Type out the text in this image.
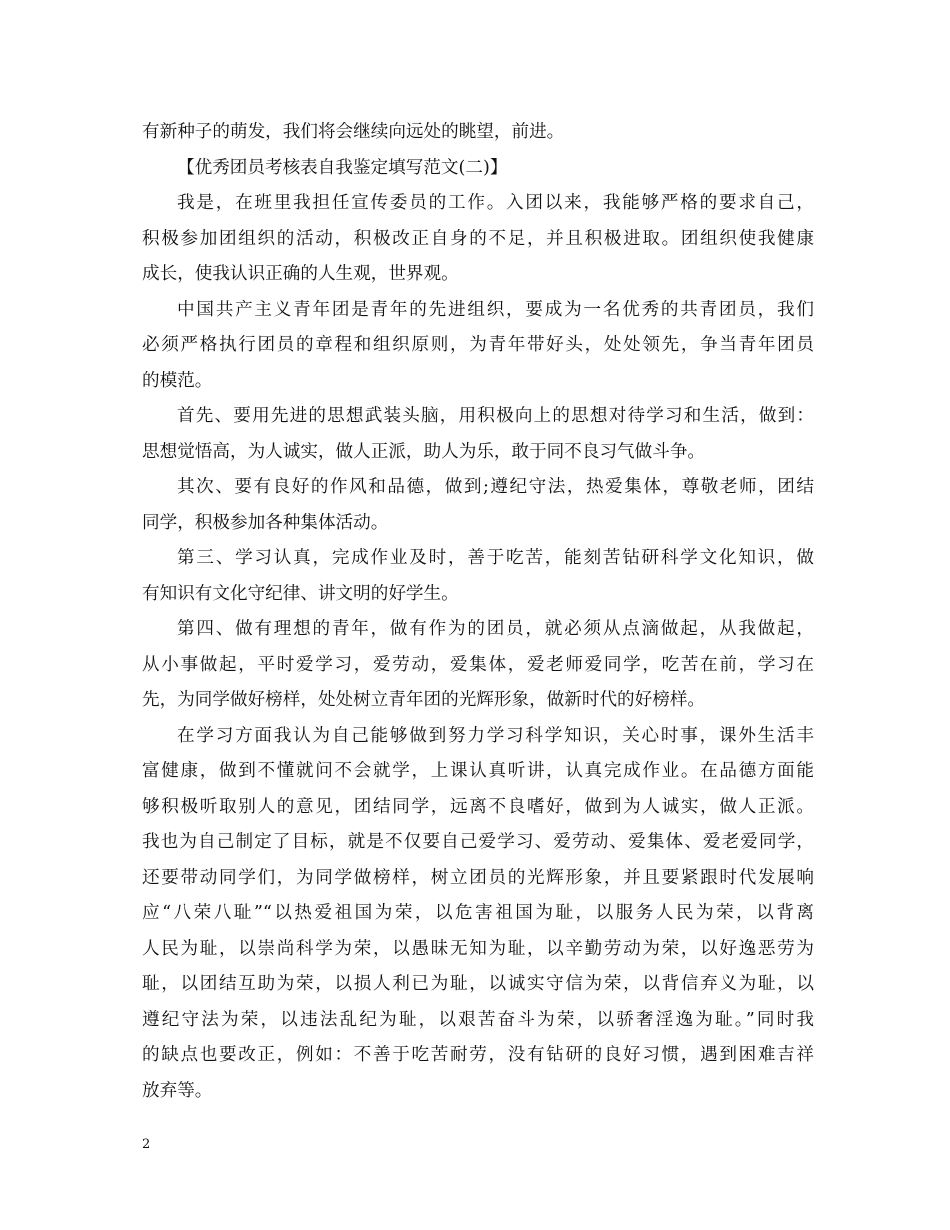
有新种子的萌发，我们将会继续向远处的眺望，前进。
【优秀团员考核表自我鉴定填写范文(二)】
我是，在班里我担任宣传委员的工作。入团以来，我能够严格的要求自己，
积极参加团组织的活动，积极改正自身的不足，并且积极进取。团组织使我健康
成长，使我认识正确的人生观，世界观。
中国共产主义青年团是青年的先进组织，要成为一名优秀的共青团员，我们
必须严格执行团员的章程和组织原则，为青年带好头，处处领先，争当青年团员
的模范。
首先、要用先进的思想武装头脑，用积极向上的思想对待学习和生活，做到：
思想觉悟高，为人诚实，做人正派，助人为乐，敢于同不良习气做斗争。
其次、要有良好的作风和品德，做到;遵纪守法，热爱集体，尊敬老师，团结
同学，积极参加各种集体活动。
第三、学习认真，完成作业及时，善于吃苦，能刻苦钻研科学文化知识，做
有知识有文化守纪律、讲文明的好学生。
第四、做有理想的青年，做有作为的团员，就必须从点滴做起，从我做起，
从小事做起，平时爱学习，爱劳动，爱集体，爱老师爱同学，吃苦在前，学习在
先，为同学做好榜样，处处树立青年团的光辉形象，做新时代的好榜样。
在学习方面我认为自己能够做到努力学习科学知识，关心时事，课外生活丰
富健康，做到不懂就问不会就学，上课认真听讲，认真完成作业。在品德方面能
够积极听取别人的意见，团结同学，远离不良嗜好，做到为人诚实，做人正派。
我也为自己制定了目标，就是不仅要自己爱学习、爱劳动、爱集体、爱老爱同学，
还要带动同学们，为同学做榜样，树立团员的光辉形象，并且要紧跟时代发展响
应“八荣八耻”“以热爱祖国为荣，以危害祖国为耻，以服务人民为荣，以背离
人民为耻，以崇尚科学为荣，以愚昧无知为耻，以辛勤劳动为荣，以好逸恶劳为
耻，以团结互助为荣，以损人利已为耻，以诚实守信为荣，以背信弃义为耻，以
遵纪守法为荣，以违法乱纪为耻，以艰苦奋斗为荣，以骄奢淫逸为耻。”同时我
的缺点也要改正，例如：不善于吃苦耐劳，没有钻研的良好习惯，遇到困难吉祥
放弃等。
2
